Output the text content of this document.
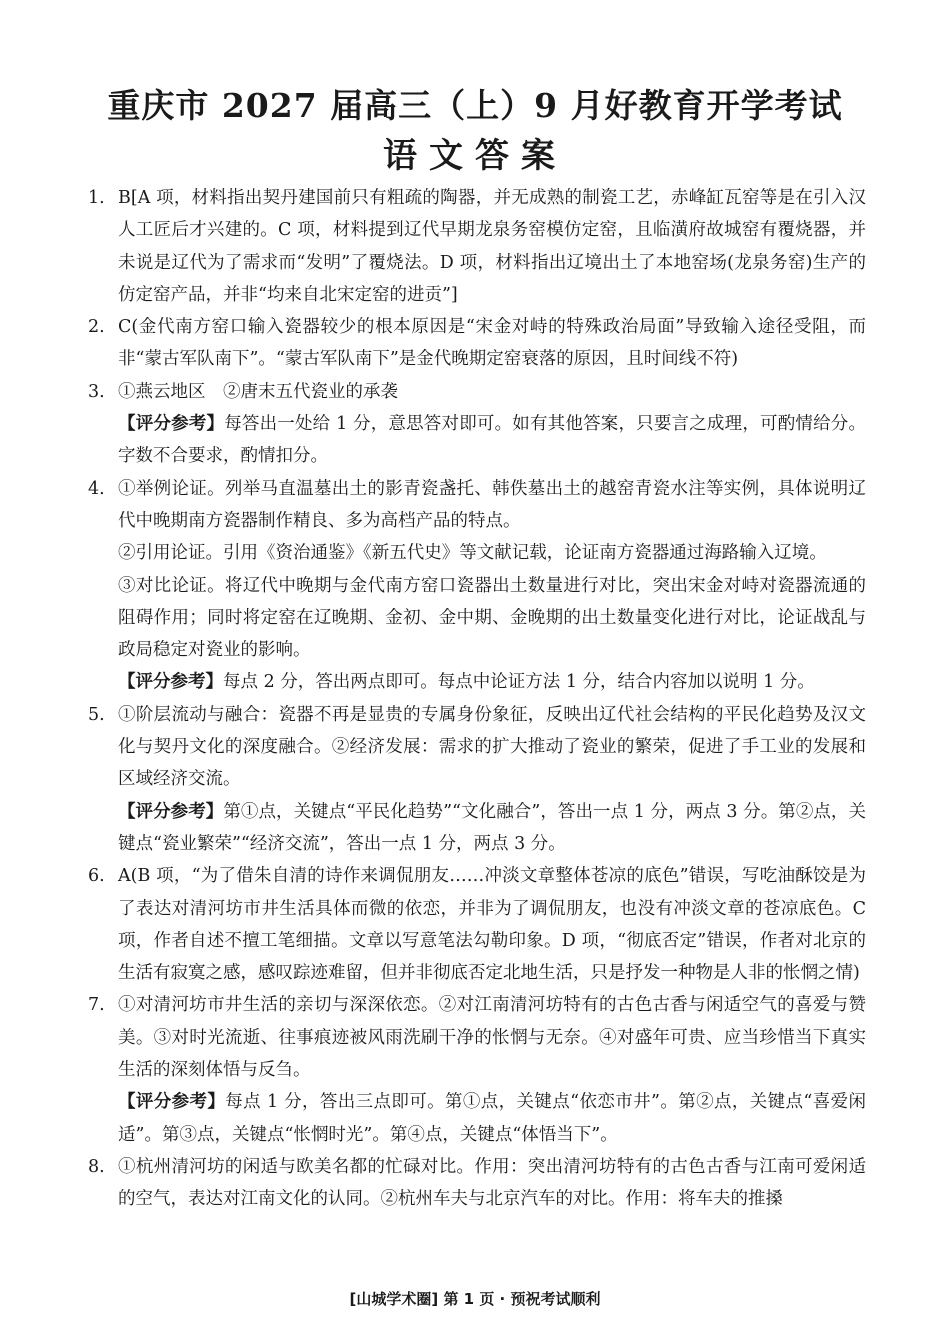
重庆市 2027 届高三（上）9 月好教育开学考试
语文答案
1. B[A 项，材料指出契丹建国前只有粗疏的陶器，并无成熟的制瓷工艺，赤峰缸瓦窑等是在引入汉人工匠后才兴建的。C 项，材料提到辽代早期龙泉务窑模仿定窑，且临潢府故城窑有覆烧器，并未说是辽代为了需求而“发明”了覆烧法。D 项，材料指出辽境出土了本地窑场(龙泉务窑)生产的仿定窑产品，并非“均来自北宋定窑的进贡”]
2. C(金代南方窑口输入瓷器较少的根本原因是“宋金对峙的特殊政治局面”导致输入途径受阻，而非“蒙古军队南下”。“蒙古军队南下”是金代晚期定窑衰落的原因，且时间线不符)
3. ①燕云地区　②唐末五代瓷业的承袭
【评分参考】每答出一处给 1 分，意思答对即可。如有其他答案，只要言之成理，可酌情给分。字数不合要求，酌情扣分。
4. ①举例论证。列举马直温墓出土的影青瓷盏托、韩佚墓出土的越窑青瓷水注等实例，具体说明辽代中晚期南方瓷器制作精良、多为高档产品的特点。
②引用论证。引用《资治通鉴》《新五代史》等文献记载，论证南方瓷器通过海路输入辽境。
③对比论证。将辽代中晚期与金代南方窑口瓷器出土数量进行对比，突出宋金对峙对瓷器流通的阻碍作用；同时将定窑在辽晚期、金初、金中期、金晚期的出土数量变化进行对比，论证战乱与政局稳定对瓷业的影响。
【评分参考】每点 2 分，答出两点即可。每点中论证方法 1 分，结合内容加以说明 1 分。
5. ①阶层流动与融合：瓷器不再是显贵的专属身份象征，反映出辽代社会结构的平民化趋势及汉文化与契丹文化的深度融合。②经济发展：需求的扩大推动了瓷业的繁荣，促进了手工业的发展和区域经济交流。
【评分参考】第①点，关键点“平民化趋势”“文化融合”，答出一点 1 分，两点 3 分。第②点，关键点“瓷业繁荣”“经济交流”，答出一点 1 分，两点 3 分。
6. A(B 项，“为了借朱自清的诗作来调侃朋友……冲淡文章整体苍凉的底色”错误，写吃油酥饺是为了表达对清河坊市井生活具体而微的依恋，并非为了调侃朋友，也没有冲淡文章的苍凉底色。C 项，作者自述不擅工笔细描。文章以写意笔法勾勒印象。D 项，“彻底否定”错误，作者对北京的生活有寂寞之感，感叹踪迹难留，但并非彻底否定北地生活，只是抒发一种物是人非的怅惘之情)
7. ①对清河坊市井生活的亲切与深深依恋。②对江南清河坊特有的古色古香与闲适空气的喜爱与赞美。③对时光流逝、往事痕迹被风雨洗刷干净的怅惘与无奈。④对盛年可贵、应当珍惜当下真实生活的深刻体悟与反刍。
【评分参考】每点 1 分，答出三点即可。第①点，关键点“依恋市井”。第②点，关键点“喜爱闲适”。第③点，关键点“怅惘时光”。第④点，关键点“体悟当下”。
8. ①杭州清河坊的闲适与欧美名都的忙碌对比。作用：突出清河坊特有的古色古香与江南可爱闲适的空气，表达对江南文化的认同。②杭州车夫与北京汽车的对比。作用：将车夫的推搡
[山城学术圈] 第 1 页 · 预祝考试顺利
